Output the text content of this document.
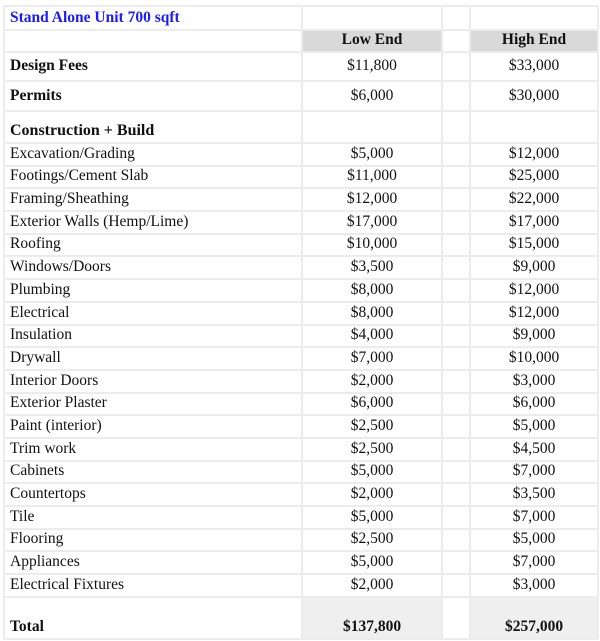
Stand Alone Unit 700 sqft			
	Low End		High End
Design Fees	$11,800		$33,000
Permits	$6,000		$30,000
Construction + Build			
Excavation/Grading	$5,000		$12,000
Footings/Cement Slab	$11,000		$25,000
Framing/Sheathing	$12,000		$22,000
Exterior Walls (Hemp/Lime)	$17,000		$17,000
Roofing	$10,000		$15,000
Windows/Doors	$3,500		$9,000
Plumbing	$8,000		$12,000
Electrical	$8,000		$12,000
Insulation	$4,000		$9,000
Drywall	$7,000		$10,000
Interior Doors	$2,000		$3,000
Exterior Plaster	$6,000		$6,000
Paint (interior)	$2,500		$5,000
Trim work	$2,500		$4,500
Cabinets	$5,000		$7,000
Countertops	$2,000		$3,500
Tile	$5,000		$7,000
Flooring	$2,500		$5,000
Appliances	$5,000		$7,000
Electrical Fixtures	$2,000		$3,000
Total	$137,800		$257,000
